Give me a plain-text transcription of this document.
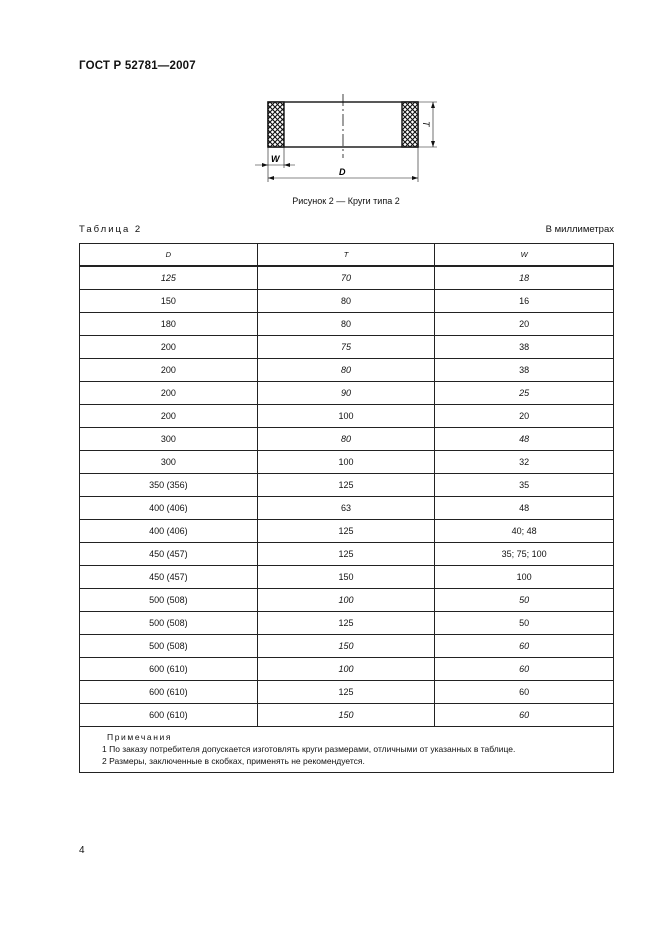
ГОСТ Р 52781—2007
T
W
D
Рисунок 2 — Круги типа 2
Таблица 2	В миллиметрах
D	T	W
125	70	18
150	80	16
180	80	20
200	75	38
200	80	38
200	90	25
200	100	20
300	80	48
300	100	32
350 (356)	125	35
400 (406)	63	48
400 (406)	125	40; 48
450 (457)	125	35; 75; 100
450 (457)	150	100
500 (508)	100	50
500 (508)	125	50
500 (508)	150	60
600 (610)	100	60
600 (610)	125	60
600 (610)	150	60

Примечания
1 По заказу потребителя допускается изготовлять круги размерами, отличными от указанных в таблице.
2 Размеры, заключенные в скобках, применять не рекомендуется.		
4
